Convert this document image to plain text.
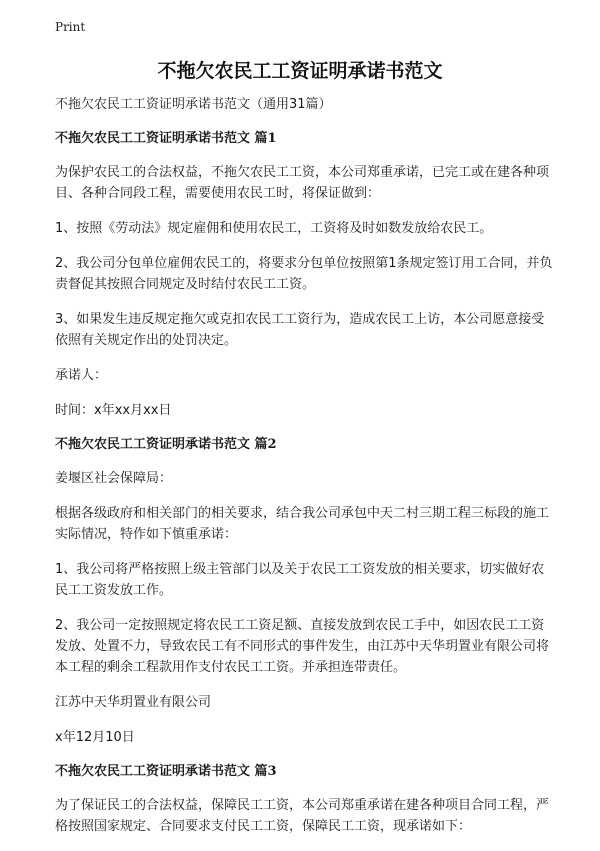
Print
不拖欠农民工工资证明承诺书范文

不拖欠农民工工资证明承诺书范文（通用31篇）

不拖欠农民工工资证明承诺书范文 篇1

为保护农民工的合法权益，不拖欠农民工工资，本公司郑重承诺，已完工或在建各种项目、各种合同段工程，需要使用农民工时，将保证做到：

1、按照《劳动法》规定雇佣和使用农民工，工资将及时如数发放给农民工。

2、我公司分包单位雇佣农民工的，将要求分包单位按照第1条规定签订用工合同，并负责督促其按照合同规定及时结付农民工工资。

3、如果发生违反规定拖欠或克扣农民工工资行为，造成农民工上访，本公司愿意接受依照有关规定作出的处罚决定。

承诺人：

时间：x年xx月xx日

不拖欠农民工工资证明承诺书范文 篇2

姜堰区社会保障局：

根据各级政府和相关部门的相关要求，结合我公司承包中天二村三期工程三标段的施工实际情况，特作如下慎重承诺：

1、我公司将严格按照上级主管部门以及关于农民工工资发放的相关要求，切实做好农民工工资发放工作。

2、我公司一定按照规定将农民工工资足额、直接发放到农民工手中，如因农民工工资发放、处置不力，导致农民工有不同形式的事件发生，由江苏中天华玥置业有限公司将本工程的剩余工程款用作支付农民工工资。并承担连带责任。

江苏中天华玥置业有限公司

x年12月10日

不拖欠农民工工资证明承诺书范文 篇3

为了保证民工的合法权益，保障民工工资，本公司郑重承诺在建各种项目合同工程，严格按照国家规定、合同要求支付民工工资，保障民工工资，现承诺如下：
